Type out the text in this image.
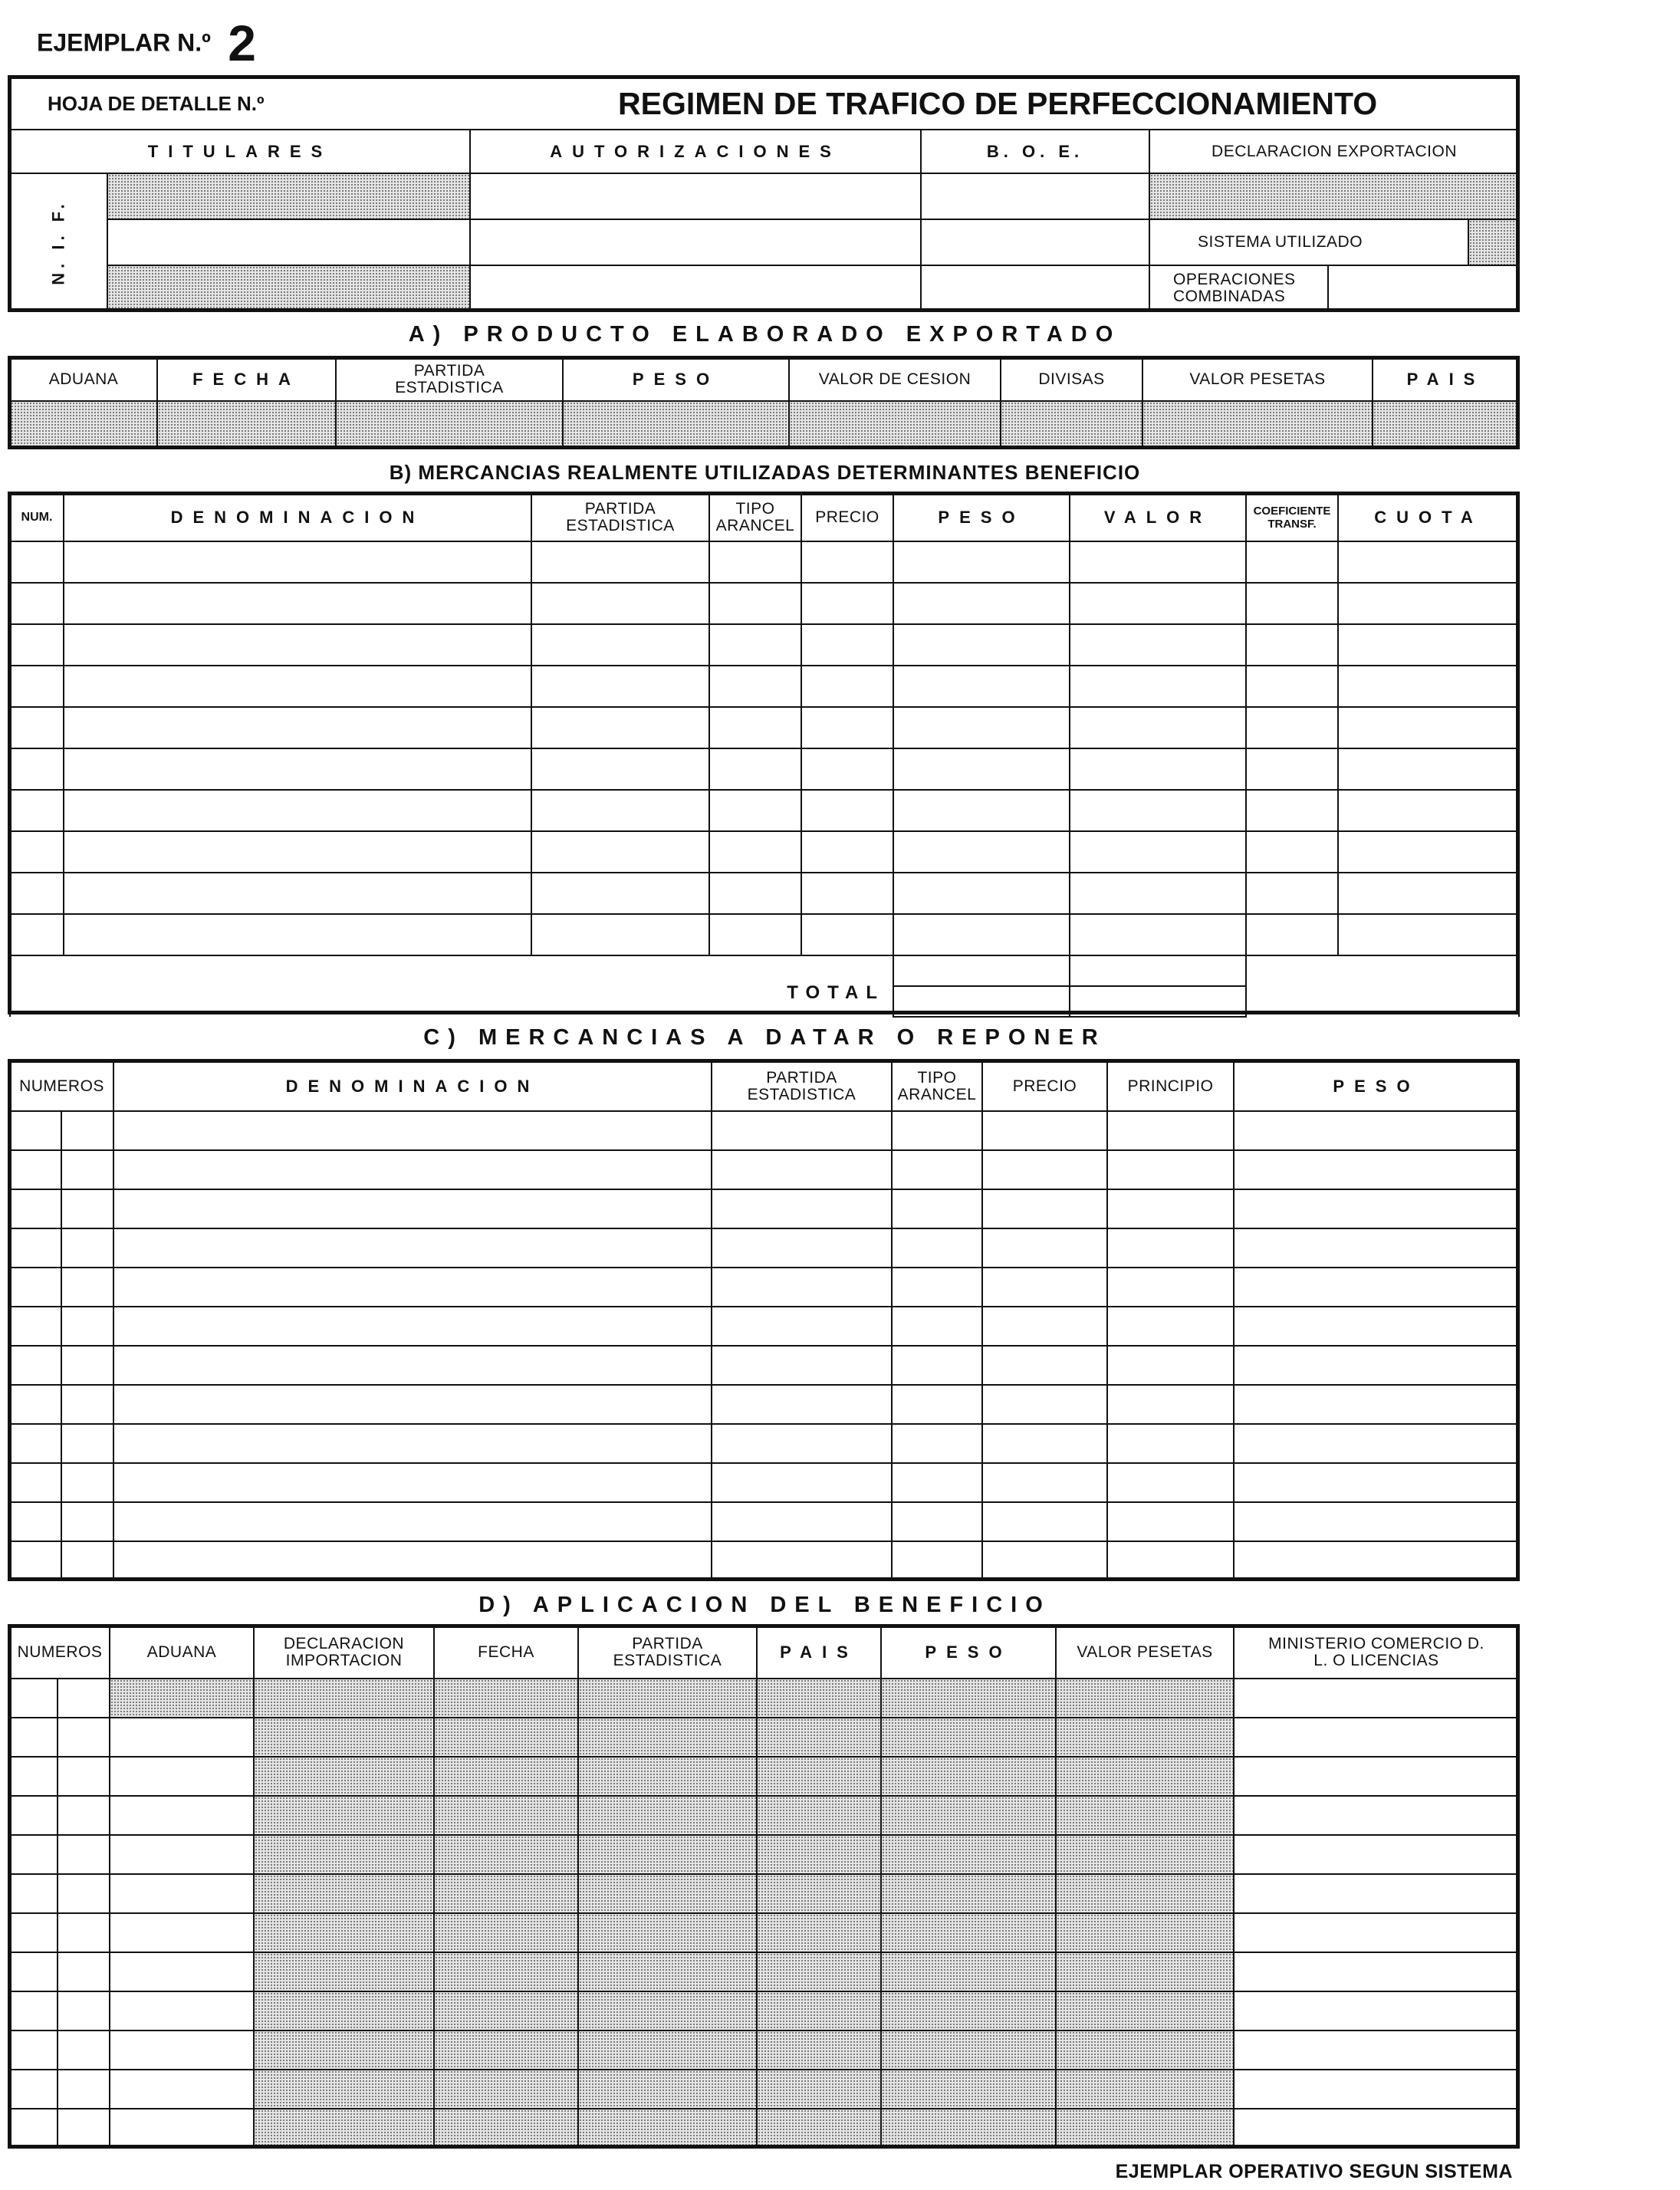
EJEMPLAR N.º 2
HOJA DE DETALLE N.º			REGIMEN DE TRAFICO DE PERFECCIONAMIENTO			
TITULARES		AUTORIZACIONES	B. O. E.	DECLARACION EXPORTACION		

N. I. F.						

				SISTEMA UTILIZADO		

				OPERACIONES COMBINADAS		

A) PRODUCTO ELABORADO EXPORTADO
ADUANA	FECHA	PARTIDA ESTADISTICA	PESO	VALOR DE CESION	DIVISAS	VALOR PESETAS	PAIS

B) MERCANCIAS REALMENTE UTILIZADAS DETERMINANTES BENEFICIO
NUM.	DENOMINACION	PARTIDA ESTADISTICA	TIPO ARANCEL	PRECIO	PESO	VALOR	COEFICIENTE TRANSF.	CUOTA

TOTAL								

C) MERCANCIAS A DATAR O REPONER
NUMEROS		DENOMINACION	PARTIDA ESTADISTICA	TIPO ARANCEL	PRECIO	PRINCIPIO	PESO

D) APLICACION DEL BENEFICIO
NUMEROS		ADUANA	DECLARACION IMPORTACION	FECHA	PARTIDA ESTADISTICA	PAIS	PESO	VALOR PESETAS	MINISTERIO COMERCIO D. L. O LICENCIAS

EJEMPLAR OPERATIVO SEGUN SISTEMA
